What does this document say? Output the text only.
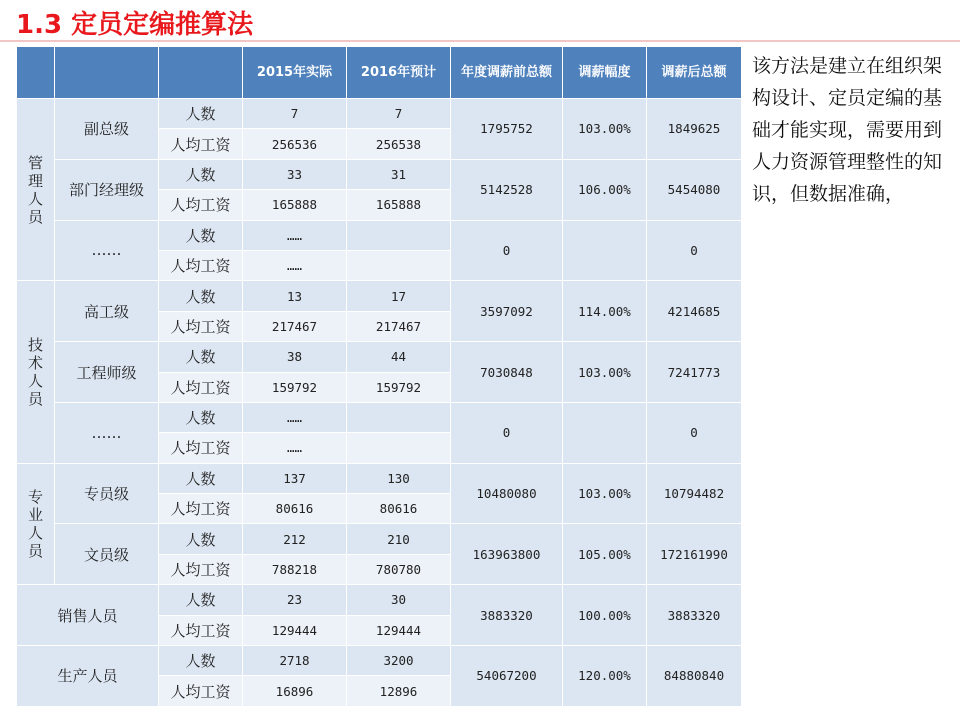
1.3 定员定编推算法
			2015年实际	2016年预计	年度调薪前总额	调薪幅度	调薪后总额
管理人员	副总级	人数	7	7	1795752	103.00%	1849625
		人均工资	256536	256538			
	部门经理级	人数	33	31	5142528	106.00%	5454080
		人均工资	165888	165888			
	……	人数	……		0		0
		人均工资	……				
技术人员	高工级	人数	13	17	3597092	114.00%	4214685
		人均工资	217467	217467			
	工程师级	人数	38	44	7030848	103.00%	7241773
		人均工资	159792	159792			
	……	人数	……		0		0
		人均工资	……				
专业人员	专员级	人数	137	130	10480080	103.00%	10794482
		人均工资	80616	80616			
	文员级	人数	212	210	163963800	105.00%	172161990
		人均工资	788218	780780			
销售人员		人数	23	30	3883320	100.00%	3883320
		人均工资	129444	129444			
生产人员		人数	2718	3200	54067200	120.00%	84880840
		人均工资	16896	12896			
该方法是建立在组织架构设计、定员定编的基础才能实现，需要用到人力资源管理整性的知识，但数据准确，
